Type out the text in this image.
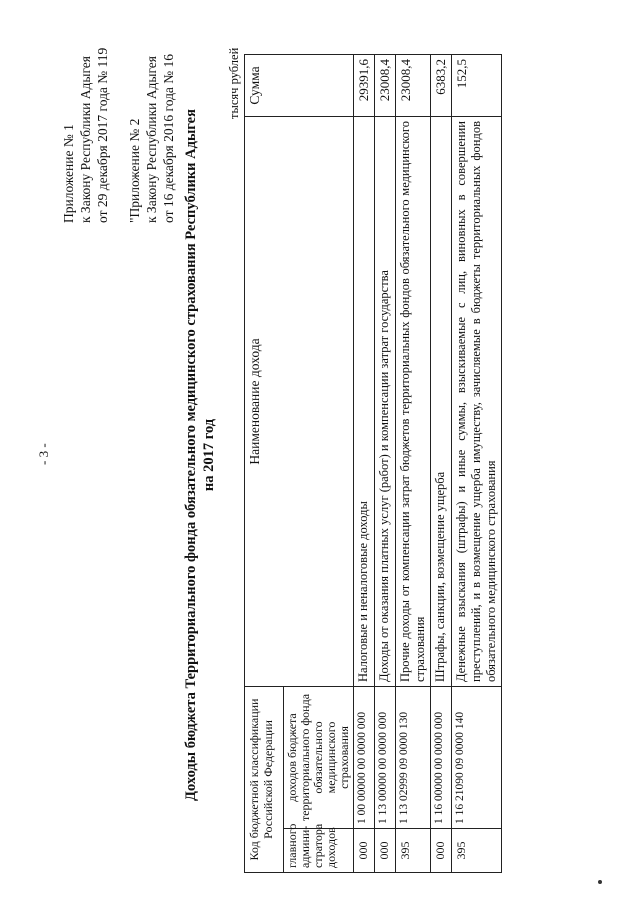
- 3 -
Приложение № 1 к Закону Республики Адыгея от 29 декабря 2017 года № 119 "Приложение № 2 к Закону Республики Адыгея от 16 декабря 2016 года № 16 Доходы бюджета Территориального фонда обязательного медицинского страхования Республики Адыгея на 2017 год
тысяч рублей
Код бюджетной классификации Российской Федерации		Наименование дохода	Сумма
главного админи-стратора доходов	доходов бюджета территориального фонда обязательного медицинского страхования		
000	1 00 00000 00 0000 000	Налоговые и неналоговые доходы	29391,6
000	1 13 00000 00 0000 000	Доходы от оказания платных услуг (работ) и компенсации затрат государства	23008,4
395	1 13 02999 09 0000 130	Прочие доходы от компенсации затрат бюджетов территориальных фондов обязательного медицинского страхования	23008,4
000	1 16 00000 00 0000 000	Штрафы, санкции, возмещение ущерба	6383,2
395	1 16 21090 09 0000 140	Денежные взыскания (штрафы) и иные суммы, взыскиваемые с лиц, виновных в совершении преступлений, и в возмещение ущерба имуществу, зачисляемые в бюджеты территориальных фондов обязательного медицинского страхования	152,5
